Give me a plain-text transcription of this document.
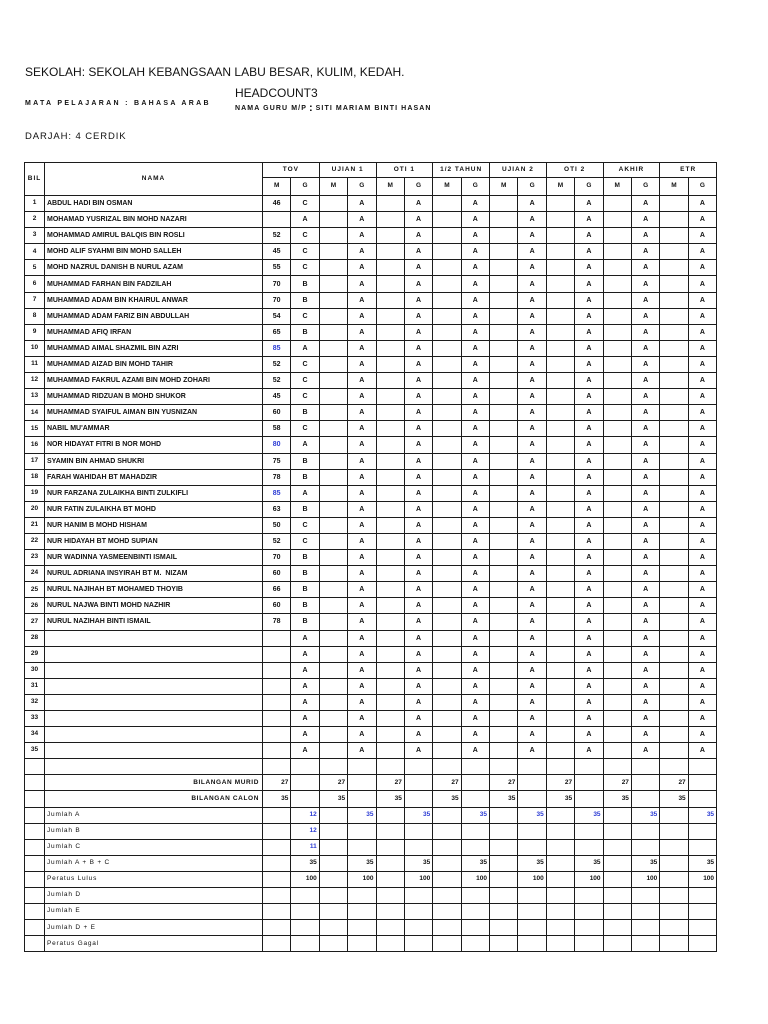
SEKOLAH: SEKOLAH KEBANGSAAN LABU BESAR, KULIM, KEDAH.
HEADCOUNT3
MATA PELAJARAN : BAHASA ARAB
NAMA GURU M/P : SITI MARIAM BINTI HASAN
DARJAH: 4 CERDIK
BIL	NAMA	TOV		UJIAN 1		OTI 1		1/2 TAHUN		UJIAN 2		OTI 2		AKHIR		ETR	
		M	G	M	G	M	G	M	G	M	G	M	G	M	G	M	G
1	ABDUL HADI BIN OSMAN	46	C		A		A		A		A		A		A		A
2	MOHAMAD YUSRIZAL BIN MOHD NAZARI		A		A		A		A		A		A		A		A
3	MOHAMMAD AMIRUL BALQIS BIN ROSLI	52	C		A		A		A		A		A		A		A
4	MOHD ALIF SYAHMI BIN MOHD SALLEH	45	C		A		A		A		A		A		A		A
5	MOHD NAZRUL DANISH B NURUL AZAM	55	C		A		A		A		A		A		A		A
6	MUHAMMAD FARHAN BIN FADZILAH	70	B		A		A		A		A		A		A		A
7	MUHAMMAD ADAM BIN KHAIRUL ANWAR	70	B		A		A		A		A		A		A		A
8	MUHAMMAD ADAM FARIZ BIN ABDULLAH	54	C		A		A		A		A		A		A		A
9	MUHAMMAD AFIQ IRFAN	65	B		A		A		A		A		A		A		A
10	MUHAMMAD AIMAL SHAZMIL BIN AZRI	85	A		A		A		A		A		A		A		A
11	MUHAMMAD AIZAD BIN MOHD TAHIR	52	C		A		A		A		A		A		A		A
12	MUHAMMAD FAKRUL AZAMI BIN MOHD ZOHARI	52	C		A		A		A		A		A		A		A
13	MUHAMMAD RIDZUAN B MOHD SHUKOR	45	C		A		A		A		A		A		A		A
14	MUHAMMAD SYAIFUL AIMAN BIN YUSNIZAN	60	B		A		A		A		A		A		A		A
15	NABIL MU'AMMAR	58	C		A		A		A		A		A		A		A
16	NOR HIDAYAT FITRI B NOR MOHD	80	A		A		A		A		A		A		A		A
17	SYAMIN BIN AHMAD SHUKRI	75	B		A		A		A		A		A		A		A
18	FARAH WAHIDAH BT MAHADZIR	78	B		A		A		A		A		A		A		A
19	NUR FARZANA ZULAIKHA BINTI ZULKIFLI	85	A		A		A		A		A		A		A		A
20	NUR FATIN ZULAIKHA BT MOHD	63	B		A		A		A		A		A		A		A
21	NUR HANIM B MOHD HISHAM	50	C		A		A		A		A		A		A		A
22	NUR HIDAYAH BT MOHD SUPIAN	52	C		A		A		A		A		A		A		A
23	NUR WADINNA YASMEENBINTI ISMAIL	70	B		A		A		A		A		A		A		A
24	NURUL ADRIANA INSYIRAH BT M.  NIZAM	60	B		A		A		A		A		A		A		A
25	NURUL NAJIHAH BT MOHAMED THOYIB	66	B		A		A		A		A		A		A		A
26	NURUL NAJWA BINTI MOHD NAZHIR	60	B		A		A		A		A		A		A		A
27	NURUL NAZIHAH BINTI ISMAIL	78	B		A		A		A		A		A		A		A
28			A		A		A		A		A		A		A		A
29			A		A		A		A		A		A		A		A
30			A		A		A		A		A		A		A		A
31			A		A		A		A		A		A		A		A
32			A		A		A		A		A		A		A		A
33			A		A		A		A		A		A		A		A
34			A		A		A		A		A		A		A		A
35			A		A		A		A		A		A		A		A

	BILANGAN MURID	27		27		27		27		27		27		27		27	
	BILANGAN CALON	35		35		35		35		35		35		35		35	
	Jumlah A		12		35		35		35		35		35		35		35
	Jumlah B		12														
	Jumlah C		11														
	Jumlah A + B + C		35		35		35		35		35		35		35		35
	Peratus Lulus		100		100		100		100		100		100		100		100
	Jumlah D																
	Jumlah E																
	Jumlah D + E																
	Peratus Gagal																
